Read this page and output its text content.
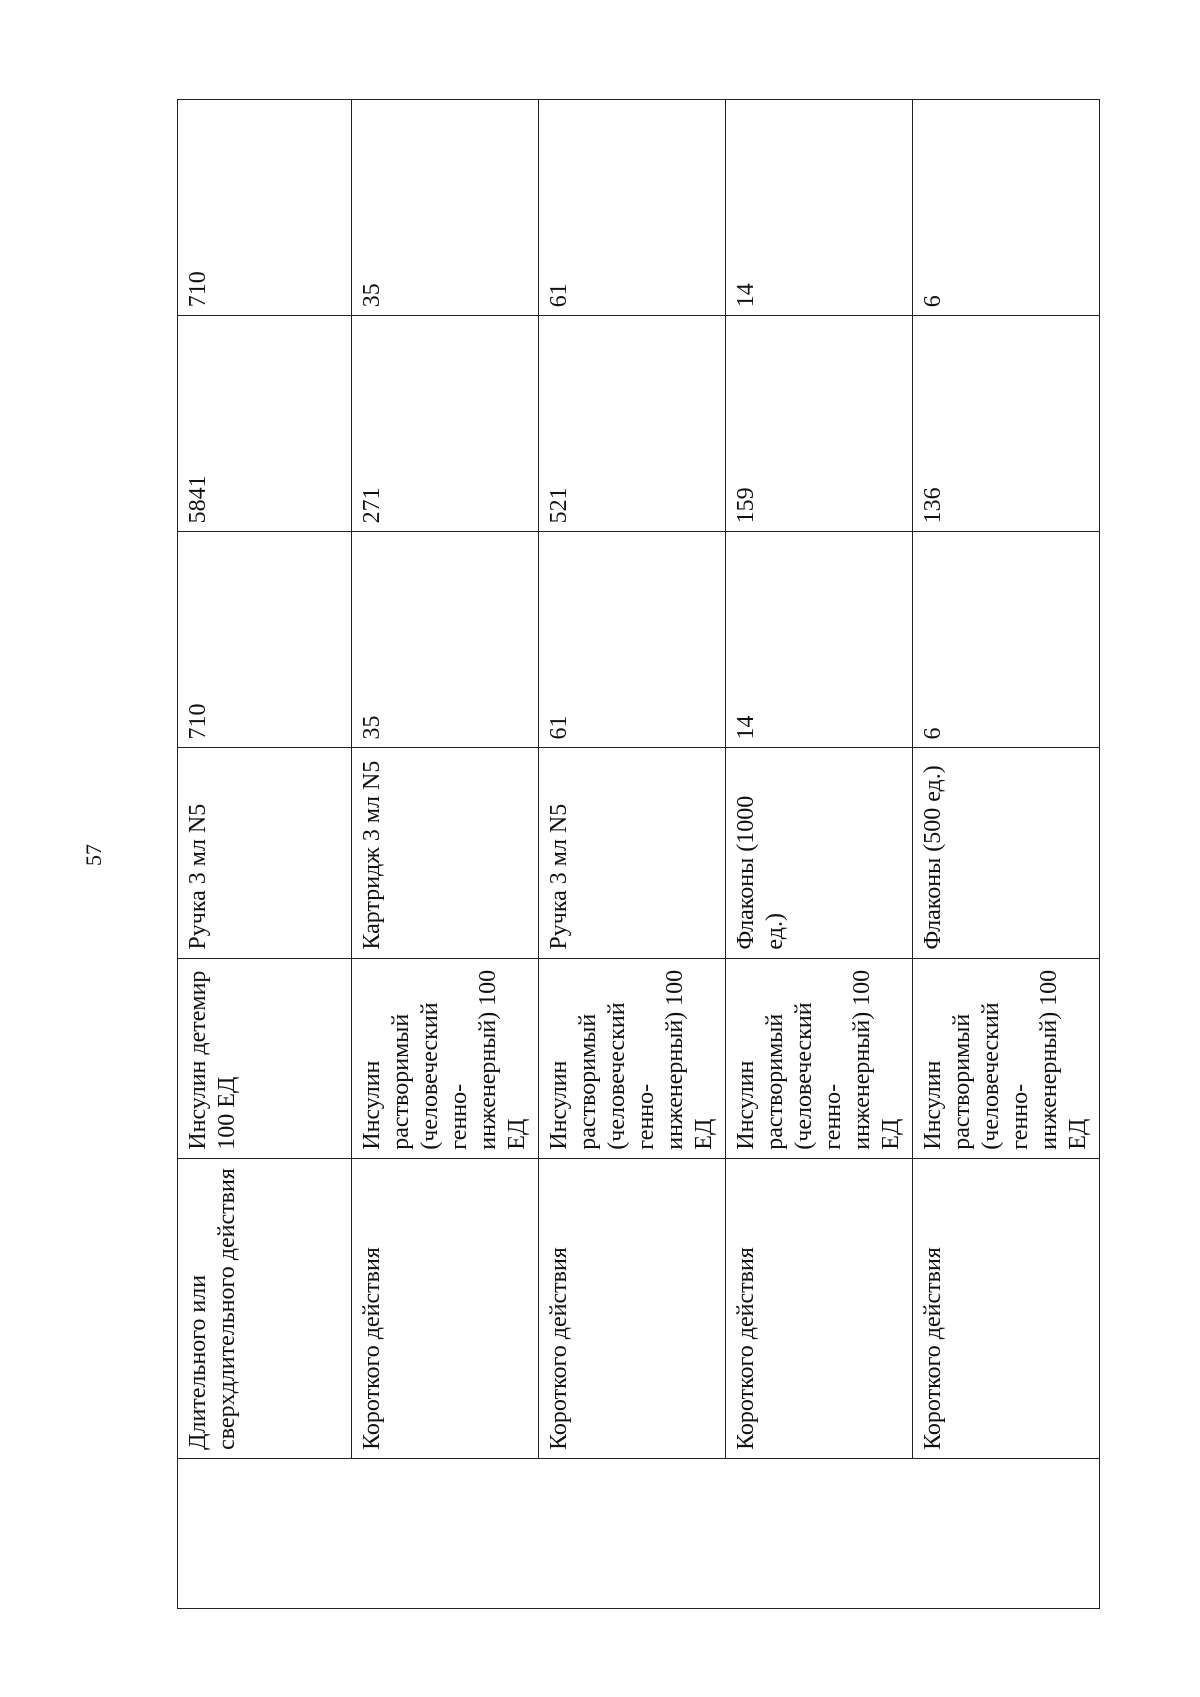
57
	Длительного или сверхдлительного действия	Инсулин детемир 100 ЕД	Ручка 3 мл N5	710	5841	710
	Короткого действия	Инсулин растворимый (человеческий генно-инженерный) 100 ЕД	Картридж 3 мл N5	35	271	35
	Короткого действия	Инсулин растворимый (человеческий генно-инженерный) 100 ЕД	Ручка 3 мл N5	61	521	61
	Короткого действия	Инсулин растворимый (человеческий генно-инженерный) 100 ЕД	Флаконы (1000 ед.)	14	159	14
	Короткого действия	Инсулин растворимый (человеческий генно-инженерный) 100 ЕД	Флаконы (500 ед.)	6	136	6
